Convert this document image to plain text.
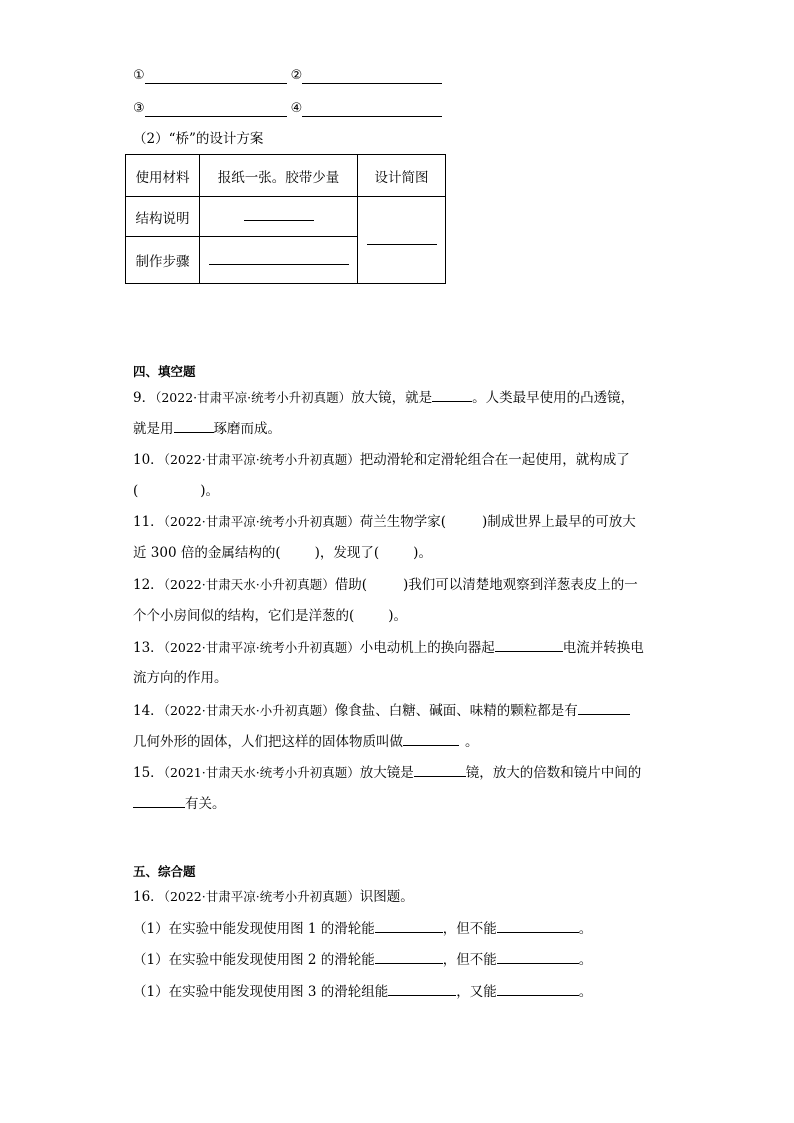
①	②
③	④
（2）“桥”的设计方案
使用材料	报纸一张。胶带少量	设计简图
结构说明		
制作步骤		
四、填空题
9．（2022·甘肃平凉·统考小升初真题）放大镜，就是	。人类最早使用的凸透镜，
就是用	琢磨而成。
10．（2022·甘肃平凉·统考小升初真题）把动滑轮和定滑轮组合在一起使用，就构成了
(	)。
11．（2022·甘肃平凉·统考小升初真题）荷兰生物学家(	)制成世界上最早的可放大
近 300 倍的金属结构的(	)，发现了(	)。
12．（2022·甘肃天水·小升初真题）借助(	)我们可以清楚地观察到洋葱表皮上的一
个个小房间似的结构，它们是洋葱的(	)。
13．（2022·甘肃平凉·统考小升初真题）小电动机上的换向器起	电流并转换电
流方向的作用。
14．（2022·甘肃天水·小升初真题）像食盐、白糖、碱面、味精的颗粒都是有
几何外形的固体，人们把这样的固体物质叫做	。
15．（2021·甘肃天水·统考小升初真题）放大镜是	镜，放大的倍数和镜片中间的
有关。
五、综合题
16．（2022·甘肃平凉·统考小升初真题）识图题。
（1）在实验中能发现使用图 1 的滑轮能	，但不能	。
（1）在实验中能发现使用图 2 的滑轮能	，但不能	。
（1）在实验中能发现使用图 3 的滑轮组能	，又能	。
